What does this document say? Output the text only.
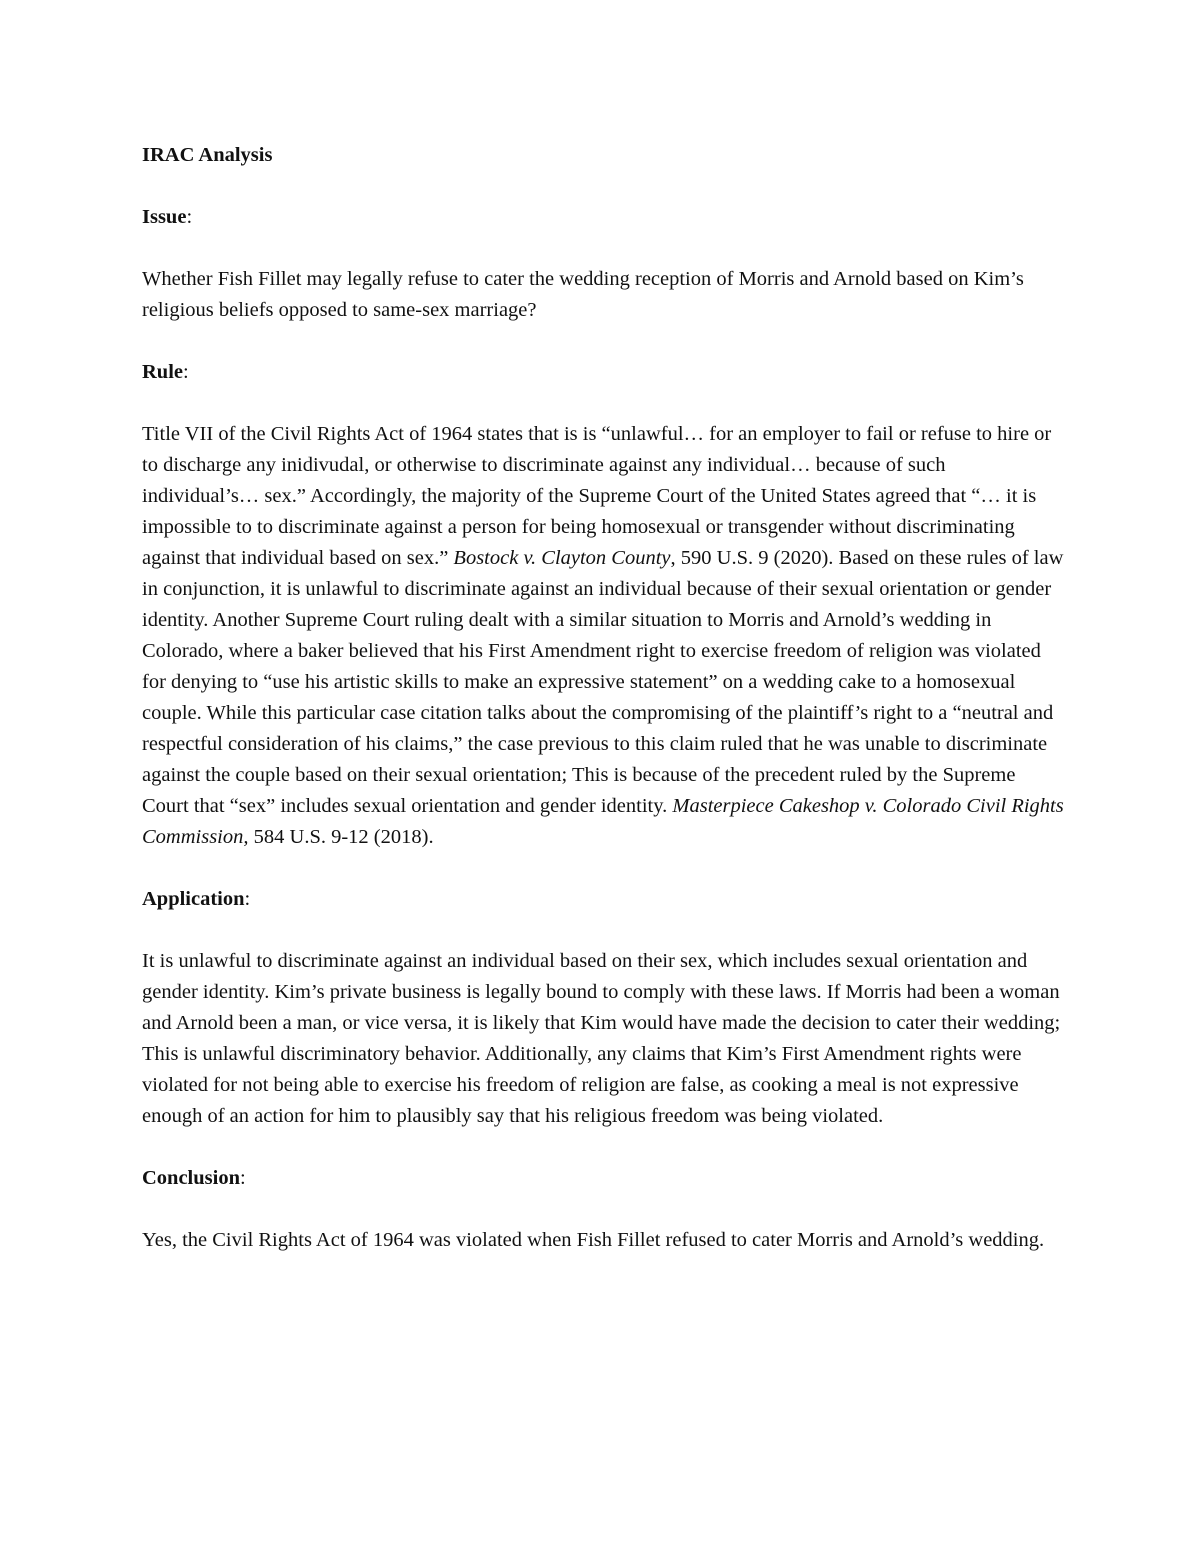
IRAC Analysis

Issue:

Whether Fish Fillet may legally refuse to cater the wedding reception of Morris and Arnold based on Kim’s religious beliefs opposed to same-sex marriage?

Rule:

Title VII of the Civil Rights Act of 1964 states that is is “unlawful… for an employer to fail or refuse to hire or to discharge any inidivudal, or otherwise to discriminate against any individual… because of such individual’s… sex.” Accordingly, the majority of the Supreme Court of the United States agreed that “… it is impossible to to discriminate against a person for being homosexual or transgender without discriminating against that individual based on sex.” Bostock v. Clayton County, 590 U.S. 9 (2020). Based on these rules of law in conjunction, it is unlawful to discriminate against an individual because of their sexual orientation or gender identity. Another Supreme Court ruling dealt with a similar situation to Morris and Arnold’s wedding in Colorado, where a baker believed that his First Amendment right to exercise freedom of religion was violated for denying to “use his artistic skills to make an expressive statement” on a wedding cake to a homosexual couple. While this particular case citation talks about the compromising of the plaintiff’s right to a “neutral and respectful consideration of his claims,” the case previous to this claim ruled that he was unable to discriminate against the couple based on their sexual orientation; This is because of the precedent ruled by the Supreme Court that “sex” includes sexual orientation and gender identity. Masterpiece Cakeshop v. Colorado Civil Rights Commission, 584 U.S. 9-12 (2018).

Application:

It is unlawful to discriminate against an individual based on their sex, which includes sexual orientation and gender identity. Kim’s private business is legally bound to comply with these laws. If Morris had been a woman and Arnold been a man, or vice versa, it is likely that Kim would have made the decision to cater their wedding; This is unlawful discriminatory behavior. Additionally, any claims that Kim’s First Amendment rights were violated for not being able to exercise his freedom of religion are false, as cooking a meal is not expressive enough of an action for him to plausibly say that his religious freedom was being violated.

Conclusion:

Yes, the Civil Rights Act of 1964 was violated when Fish Fillet refused to cater Morris and Arnold’s wedding.
